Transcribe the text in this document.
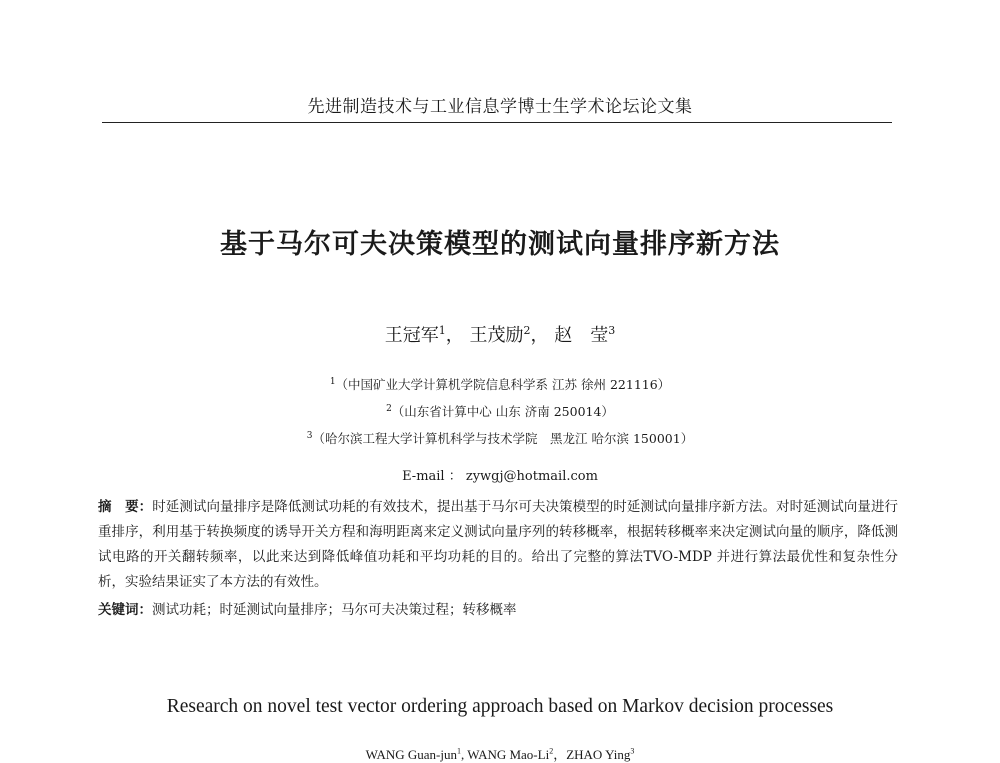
先进制造技术与工业信息学博士生学术论坛论文集
基于马尔可夫决策模型的测试向量排序新方法
王冠军$^1$， 王茂励$^2$， 赵　莹$^3$
$^1$（中国矿业大学计算机学院信息科学系 江苏 徐州 221116）
$^2$（山东省计算中心 山东 济南 250014）
$^3$（哈尔滨工程大学计算机科学与技术学院　黑龙江 哈尔滨 150001）
E-mail ： zywgj@hotmail.com
摘　要：时延测试向量排序是降低测试功耗的有效技术，提出基于马尔可夫决策模型的时延测试向量排序新方法。对时延测试向量进行重排序，利用基于转换频度的诱导开关方程和海明距离来定义测试向量序列的转移概率，根据转移概率来决定测试向量的顺序，降低测试电路的开关翻转频率，以此来达到降低峰值功耗和平均功耗的目的。给出了完整的算法TVO-MDP 并进行算法最优性和复杂性分析，实验结果证实了本方法的有效性。
关键词：测试功耗；时延测试向量排序；马尔可夫决策过程；转移概率
Research on novel test vector ordering approach based on Markov decision processes
WANG Guan-jun$^1$, WANG Mao-Li$^2$，ZHAO Ying$^3$
